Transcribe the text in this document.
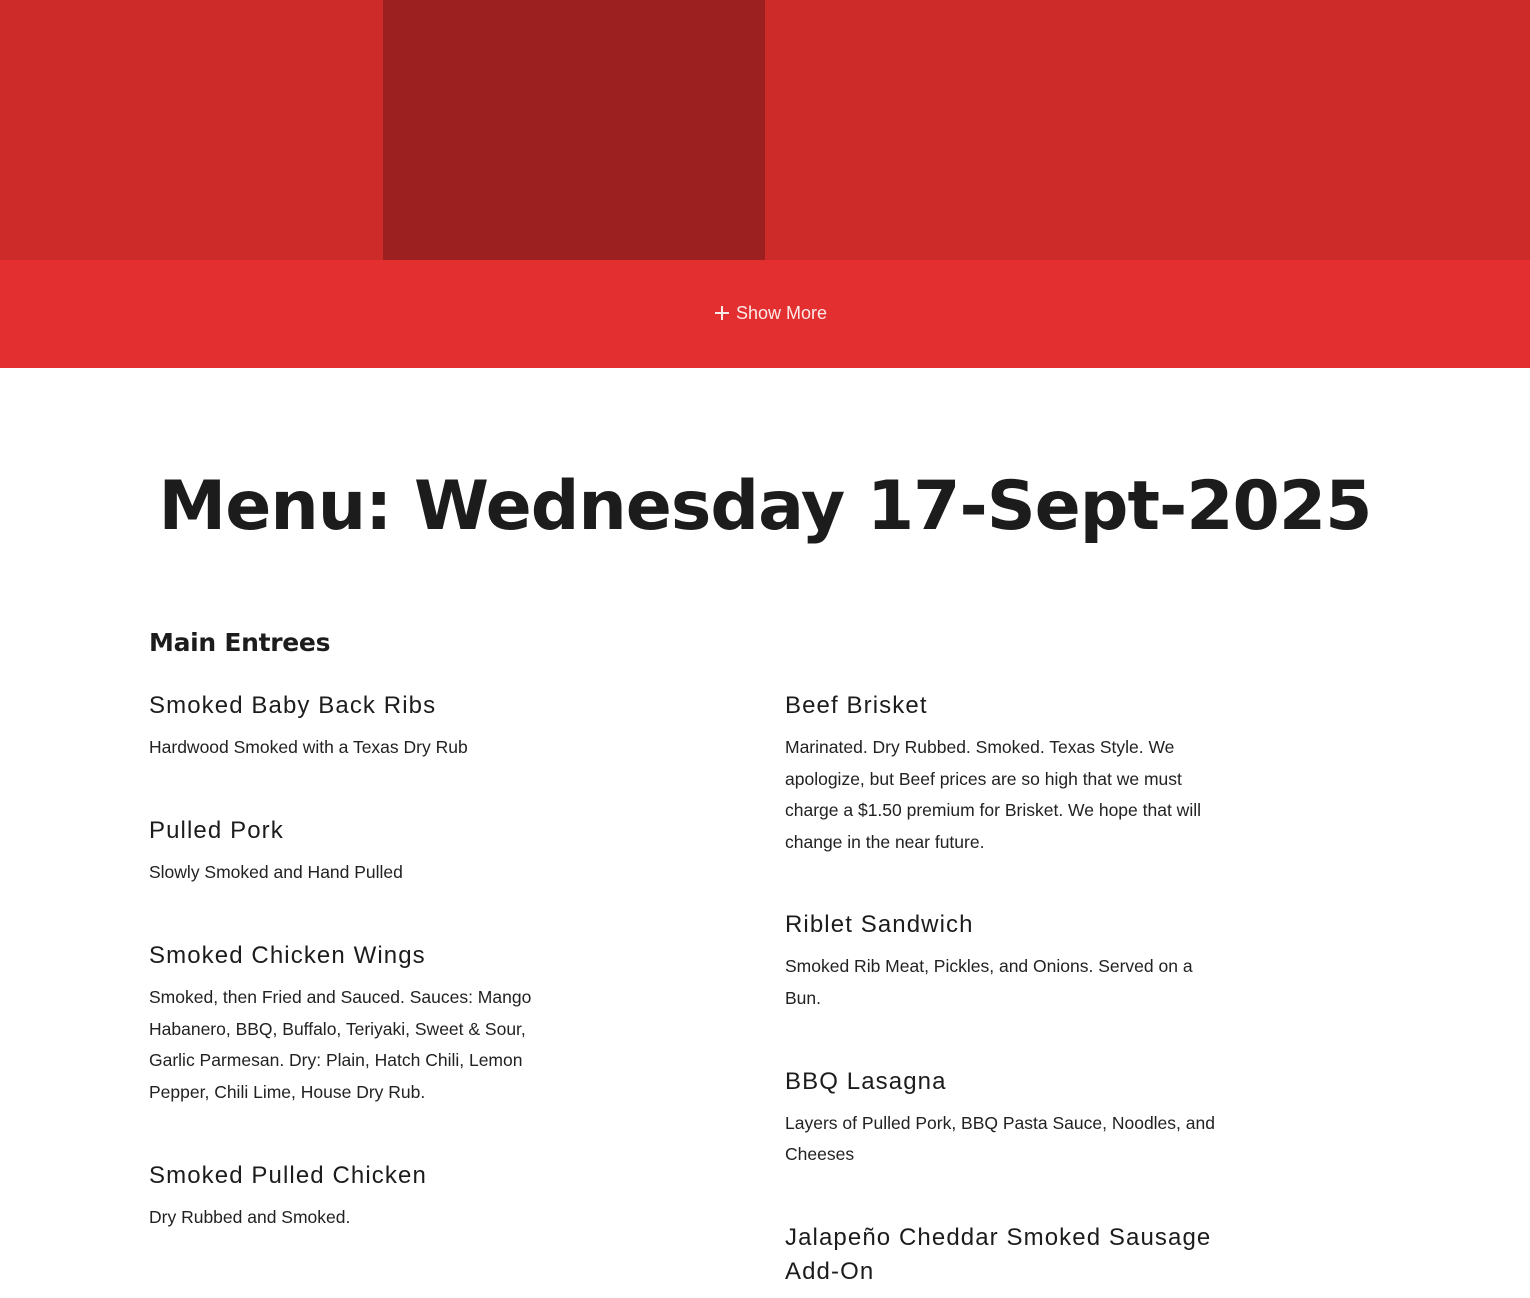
Show More
Menu: Wednesday 17-Sept-2025
Main Entrees
Smoked Baby Back Ribs

Hardwood Smoked with a Texas Dry Rub

Pulled Pork

Slowly Smoked and Hand Pulled

Smoked Chicken Wings

Smoked, then Fried and Sauced. Sauces: Mango Habanero, BBQ, Buffalo, Teriyaki, Sweet & Sour, Garlic Parmesan. Dry: Plain, Hatch Chili, Lemon Pepper, Chili Lime, House Dry Rub.

Smoked Pulled Chicken

Dry Rubbed and Smoked.

Beef Brisket

Marinated. Dry Rubbed. Smoked. Texas Style. We apologize, but Beef prices are so high that we must charge a $1.50 premium for Brisket. We hope that will change in the near future.

Riblet Sandwich

Smoked Rib Meat, Pickles, and Onions. Served on a Bun.

BBQ Lasagna

Layers of Pulled Pork, BBQ Pasta Sauce, Noodles, and Cheeses

Jalapeño Cheddar Smoked Sausage Add-On
